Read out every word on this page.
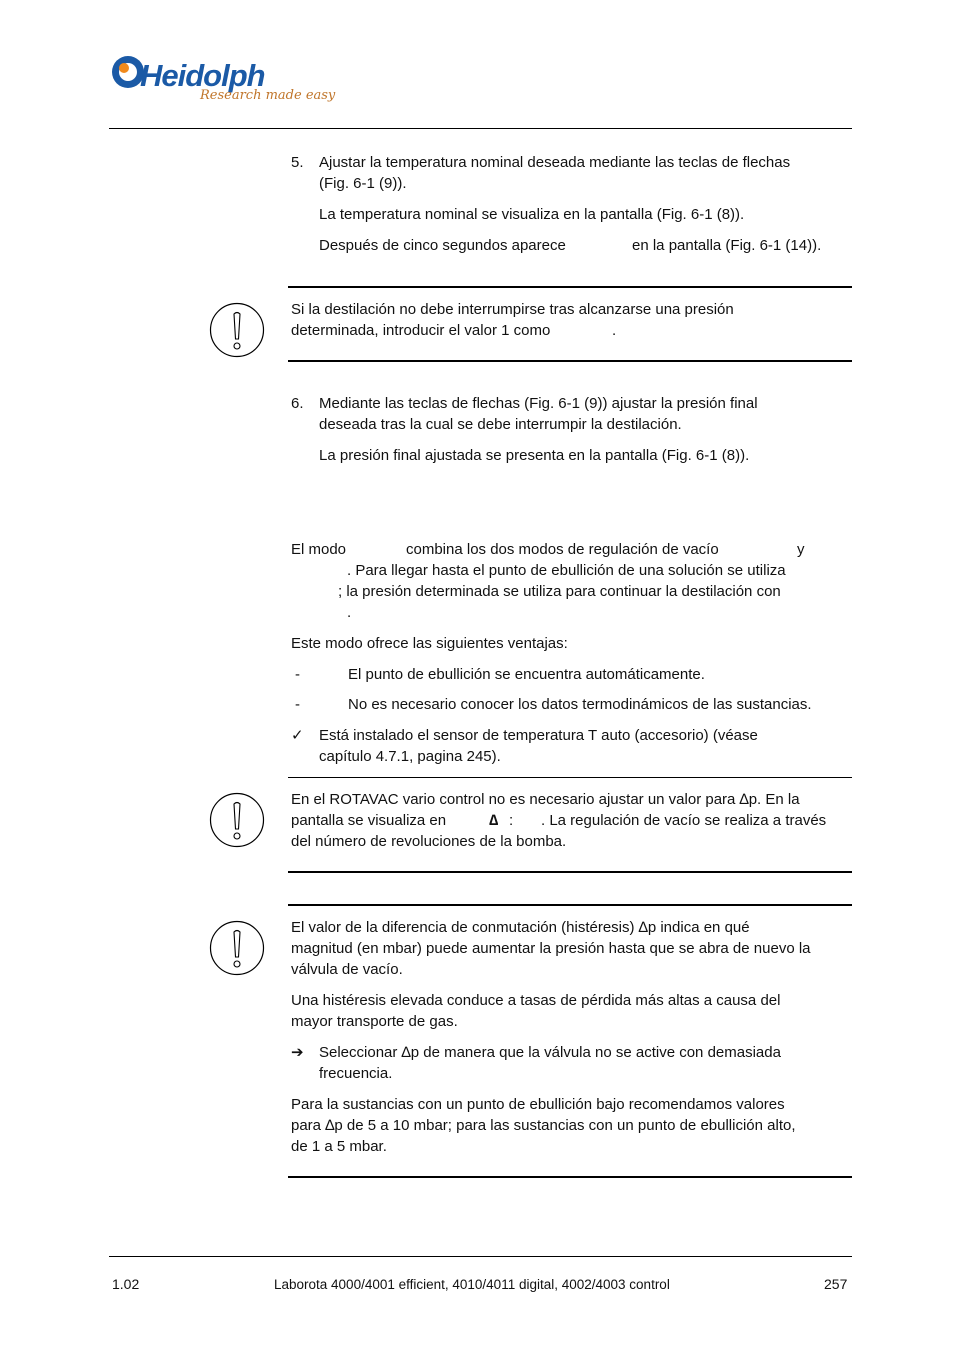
Heidolph
Research made easy
5. Ajustar la temperatura nominal deseada mediante las teclas de flechas
(Fig. 6-1 (9)).
La temperatura nominal se visualiza en la pantalla (Fig. 6-1 (8)).
Después de cinco segundos aparece	en la pantalla (Fig. 6-1 (14)).
Si la destilación no debe interrumpirse tras alcanzarse una presión
determinada, introducir el valor 1 como	.
6. Mediante las teclas de flechas (Fig. 6-1 (9)) ajustar la presión final
deseada tras la cual se debe interrumpir la destilación.
La presión final ajustada se presenta en la pantalla (Fig. 6-1 (8)).
El modo	combina los dos modos de regulación de vacío	y
. Para llegar hasta el punto de ebullición de una solución se utiliza
; la presión determinada se utiliza para continuar la destilación con
.
Este modo ofrece las siguientes ventajas:
-	El punto de ebullición se encuentra automáticamente.
-	No es necesario conocer los datos termodinámicos de las sustancias.
✓ Está instalado el sensor de temperatura T auto (accesorio) (véase
capítulo 4.7.1, pagina 245).
En el ROTAVAC vario control no es necesario ajustar un valor para ∆p. En la
pantalla se visualiza en	∆ : . La regulación de vacío se realiza a través
del número de revoluciones de la bomba.
El valor de la diferencia de conmutación (histéresis) ∆p indica en qué
magnitud (en mbar) puede aumentar la presión hasta que se abra de nuevo la
válvula de vacío.
Una histéresis elevada conduce a tasas de pérdida más altas a causa del
mayor transporte de gas.
➔ Seleccionar ∆p de manera que la válvula no se active con demasiada
frecuencia.
Para la sustancias con un punto de ebullición bajo recomendamos valores
para ∆p de 5 a 10 mbar; para las sustancias con un punto de ebullición alto,
de 1 a 5 mbar.
1.02	Laborota 4000/4001 efficient, 4010/4011 digital, 4002/4003 control	257
